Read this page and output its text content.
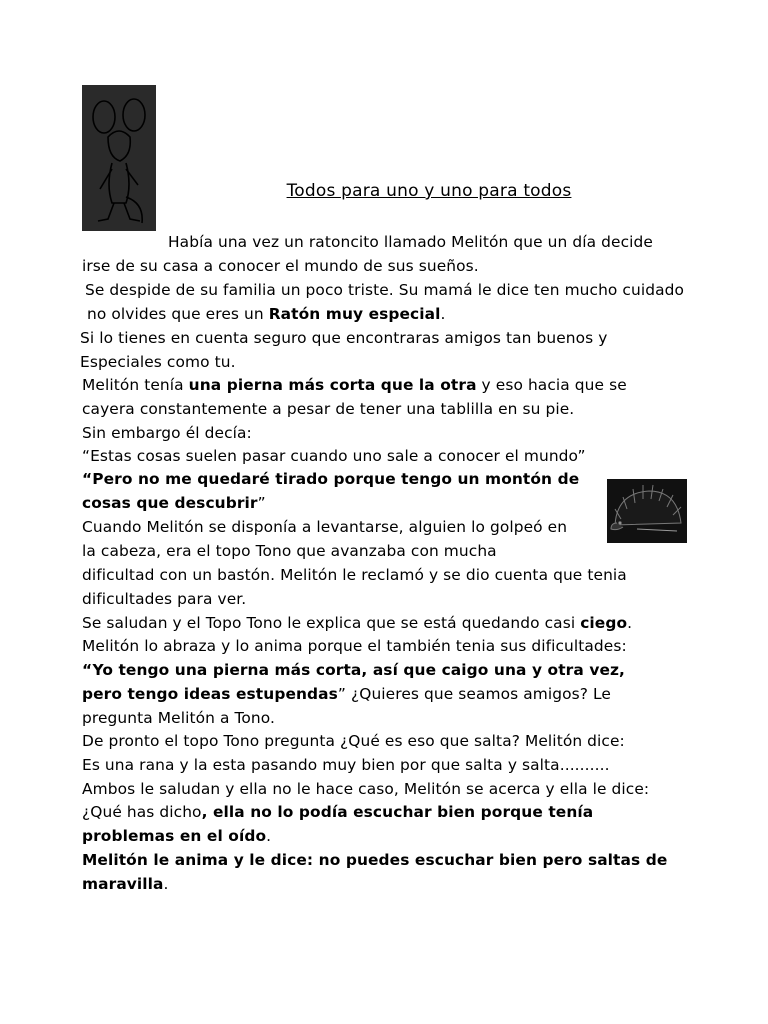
Todos para uno y uno para todos
Había una vez un ratoncito llamado Melitón que un día decide
irse de su casa a conocer el mundo de sus sueños.
Se despide de su familia un poco triste. Su mamá le dice ten mucho cuidado
no olvides que eres un Ratón muy especial.
Si lo tienes en cuenta seguro que encontraras amigos tan buenos y
Especiales como tu.
Melitón tenía una pierna más corta que la otra y eso hacia que se
cayera constantemente a pesar de tener una tablilla en su pie.
Sin embargo él decía:
“Estas cosas suelen pasar cuando uno sale a conocer el mundo”
“Pero no me quedaré tirado porque tengo un montón de
cosas que descubrir”
Cuando Melitón se disponía a levantarse, alguien lo golpeó en
la cabeza, era el topo Tono que avanzaba con mucha
dificultad con un bastón. Melitón le reclamó y se dio cuenta que tenia
dificultades para ver.
Se saludan y el Topo Tono le explica que se está quedando casi ciego.
Melitón lo abraza y lo anima porque el también tenia sus dificultades:
“Yo tengo una pierna más corta, así que caigo una y otra vez,
pero tengo ideas estupendas” ¿Quieres que seamos amigos? Le
pregunta Melitón a Tono.
De pronto el topo Tono pregunta ¿Qué es eso que salta? Melitón dice:
Es una rana y la esta pasando muy bien por que salta y salta..........
Ambos le saludan y ella no le hace caso, Melitón se acerca y ella le dice:
¿Qué has dicho, ella no lo podía escuchar bien porque tenía
problemas en el oído.
Melitón le anima y le dice: no puedes escuchar bien pero saltas de
maravilla.
